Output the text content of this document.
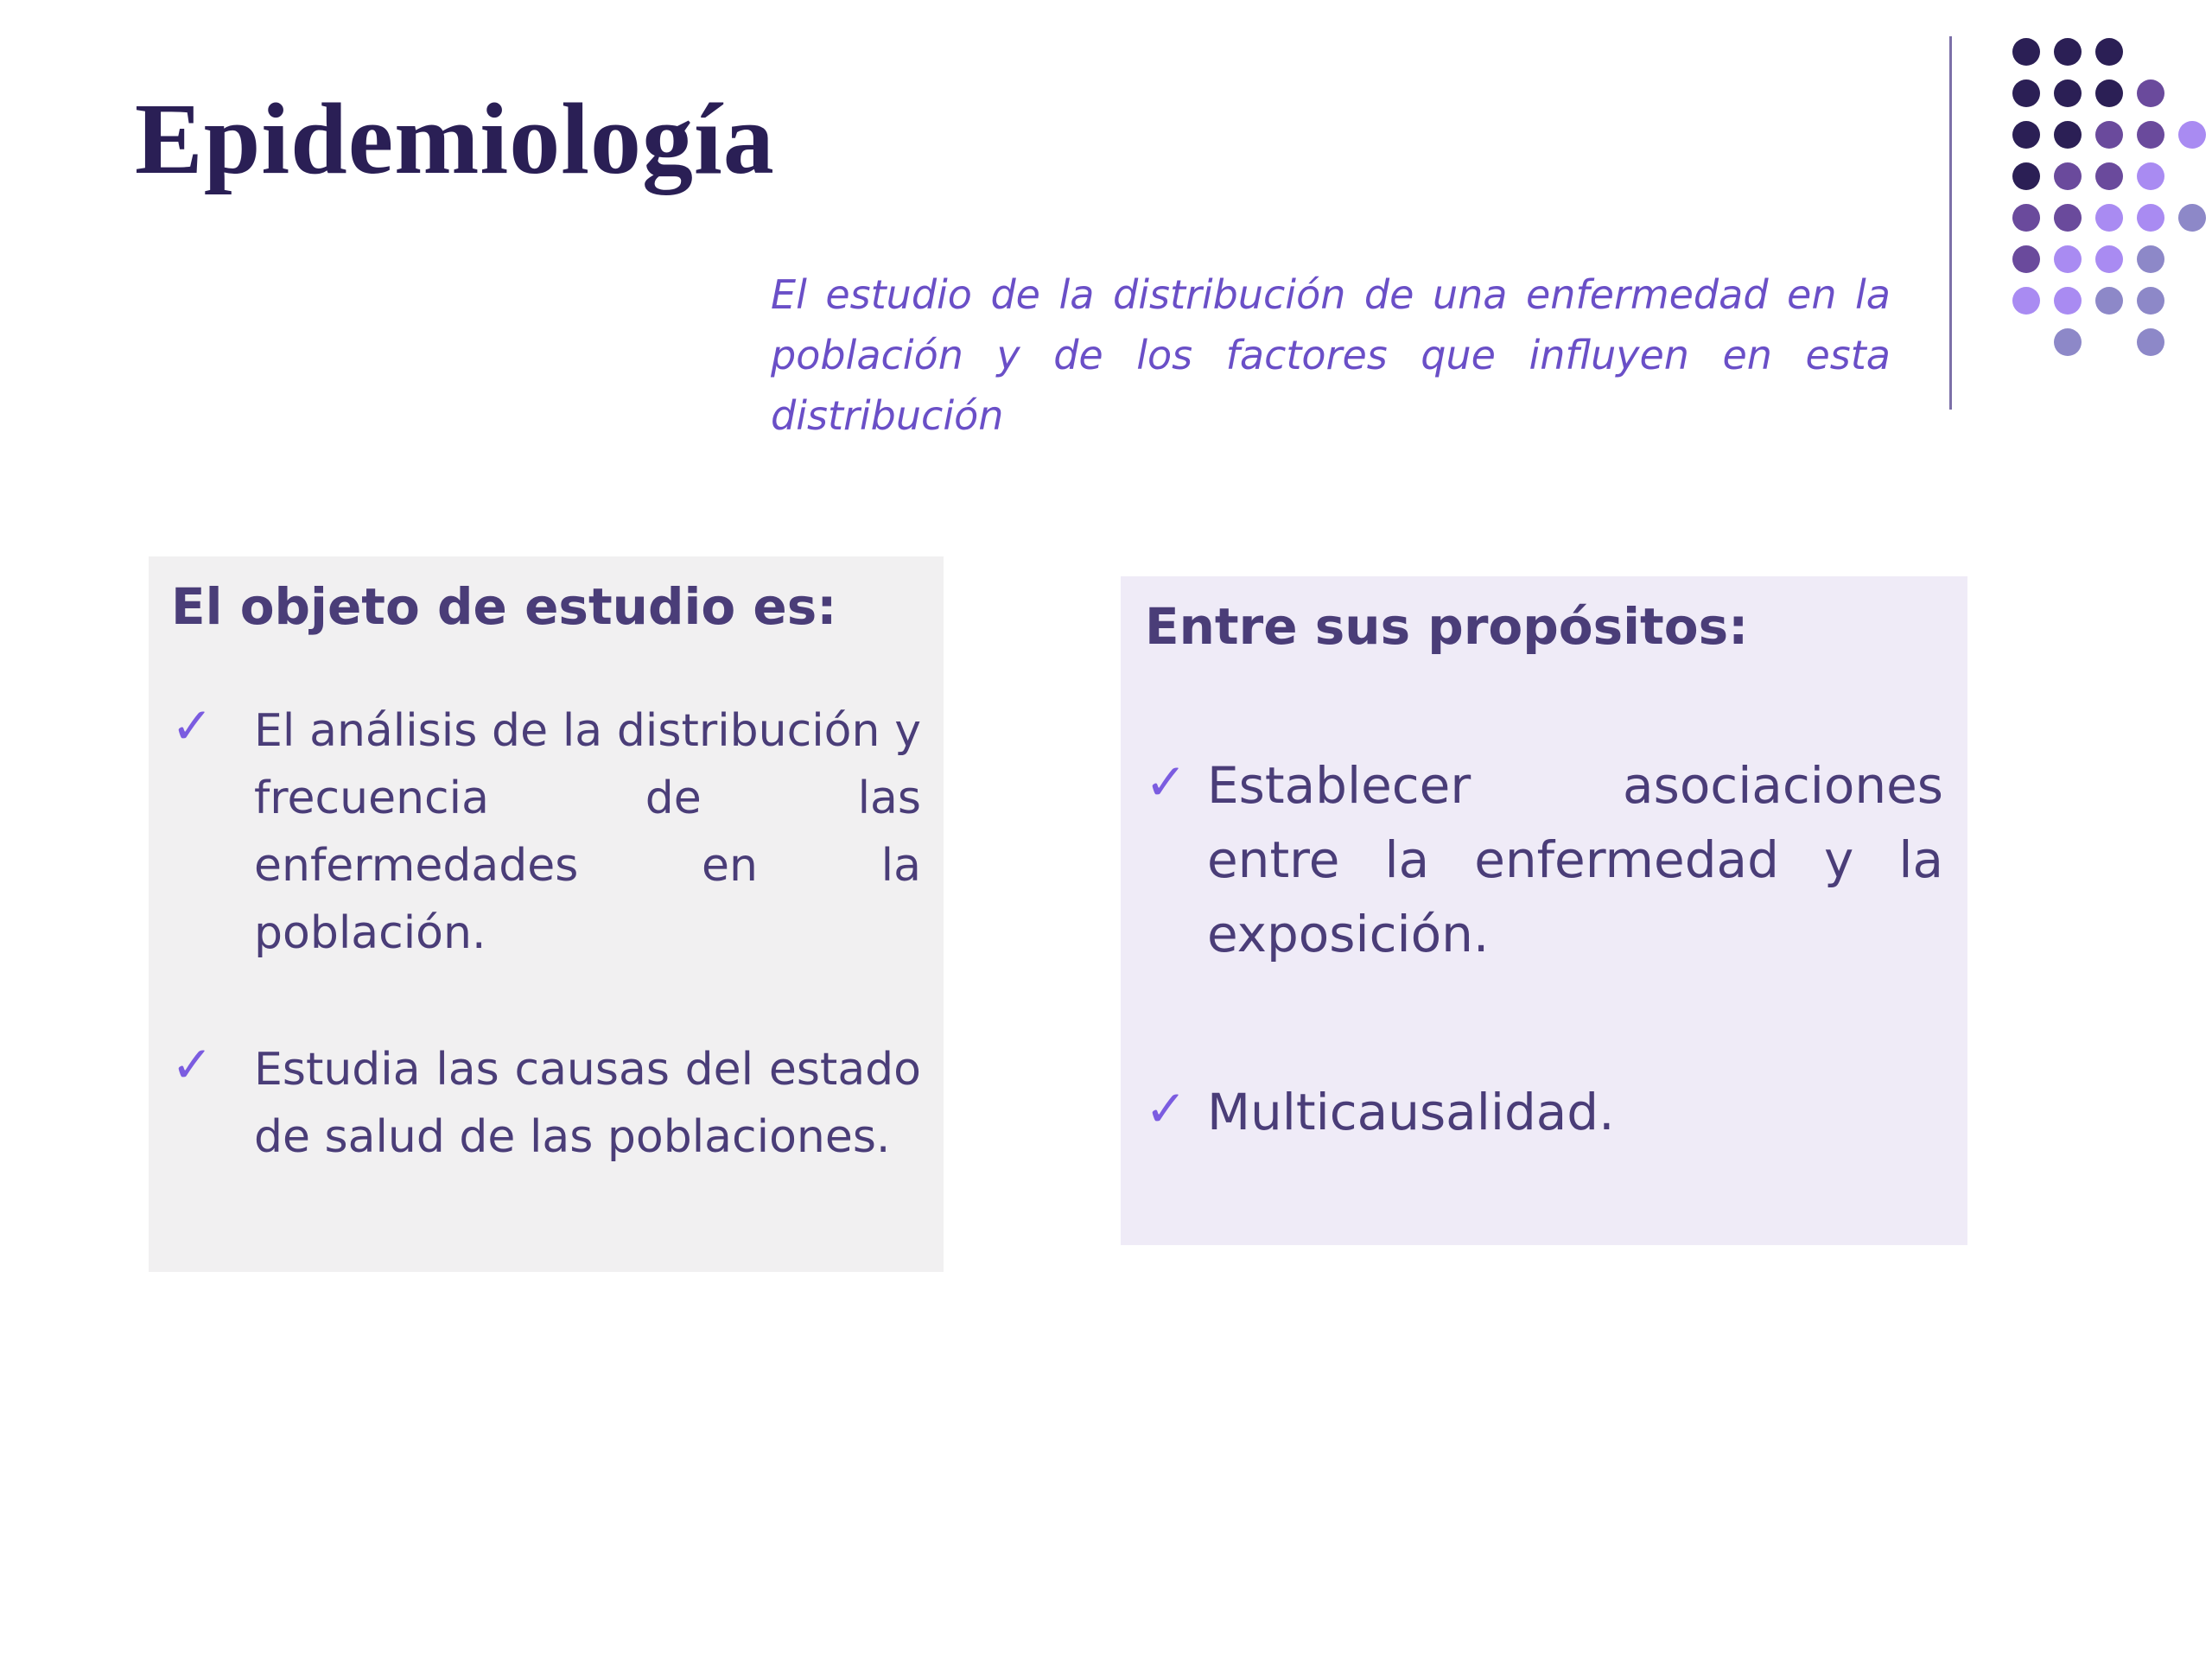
Epidemiología

El estudio de la distribución de una enfermedad en la población y de los factores que influyen en esta distribución

El objeto de estudio es:
✓ El análisis de la distribución y frecuencia de las enfermedades en la población.
✓ Estudia las causas del estado de salud de las poblaciones.
Entre sus propósitos:
✓ Establecer asociaciones entre la enfermedad y la exposición.
✓ Multicausalidad.
